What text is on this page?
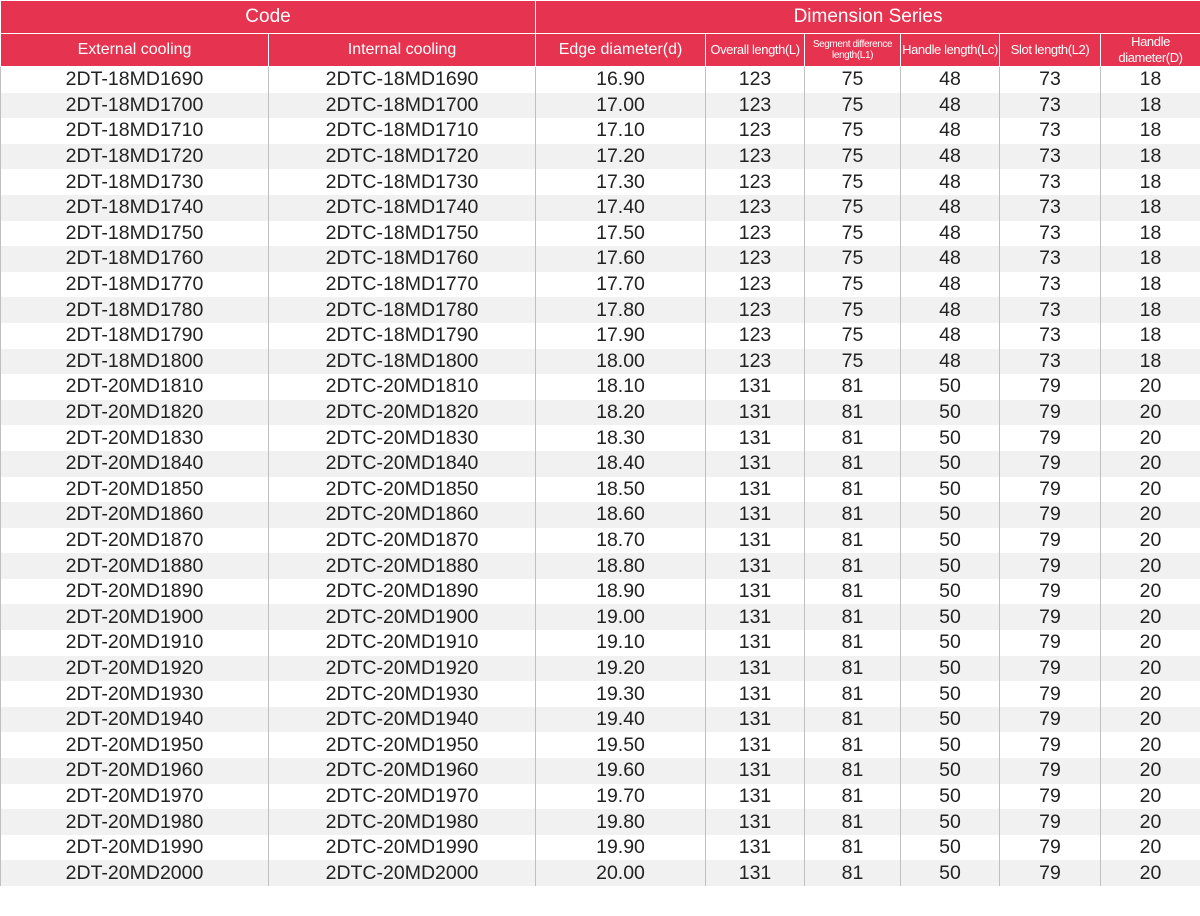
Code		Dimension Series					
External cooling	Internal cooling	Edge diameter(d)	Overall length(L)	Segment difference length(L1)	Handle length(Lc)	Slot length(L2)	Handle diameter(D)
2DT-18MD1690	2DTC-18MD1690	16.90	123	75	48	73	18
2DT-18MD1700	2DTC-18MD1700	17.00	123	75	48	73	18
2DT-18MD1710	2DTC-18MD1710	17.10	123	75	48	73	18
2DT-18MD1720	2DTC-18MD1720	17.20	123	75	48	73	18
2DT-18MD1730	2DTC-18MD1730	17.30	123	75	48	73	18
2DT-18MD1740	2DTC-18MD1740	17.40	123	75	48	73	18
2DT-18MD1750	2DTC-18MD1750	17.50	123	75	48	73	18
2DT-18MD1760	2DTC-18MD1760	17.60	123	75	48	73	18
2DT-18MD1770	2DTC-18MD1770	17.70	123	75	48	73	18
2DT-18MD1780	2DTC-18MD1780	17.80	123	75	48	73	18
2DT-18MD1790	2DTC-18MD1790	17.90	123	75	48	73	18
2DT-18MD1800	2DTC-18MD1800	18.00	123	75	48	73	18
2DT-20MD1810	2DTC-20MD1810	18.10	131	81	50	79	20
2DT-20MD1820	2DTC-20MD1820	18.20	131	81	50	79	20
2DT-20MD1830	2DTC-20MD1830	18.30	131	81	50	79	20
2DT-20MD1840	2DTC-20MD1840	18.40	131	81	50	79	20
2DT-20MD1850	2DTC-20MD1850	18.50	131	81	50	79	20
2DT-20MD1860	2DTC-20MD1860	18.60	131	81	50	79	20
2DT-20MD1870	2DTC-20MD1870	18.70	131	81	50	79	20
2DT-20MD1880	2DTC-20MD1880	18.80	131	81	50	79	20
2DT-20MD1890	2DTC-20MD1890	18.90	131	81	50	79	20
2DT-20MD1900	2DTC-20MD1900	19.00	131	81	50	79	20
2DT-20MD1910	2DTC-20MD1910	19.10	131	81	50	79	20
2DT-20MD1920	2DTC-20MD1920	19.20	131	81	50	79	20
2DT-20MD1930	2DTC-20MD1930	19.30	131	81	50	79	20
2DT-20MD1940	2DTC-20MD1940	19.40	131	81	50	79	20
2DT-20MD1950	2DTC-20MD1950	19.50	131	81	50	79	20
2DT-20MD1960	2DTC-20MD1960	19.60	131	81	50	79	20
2DT-20MD1970	2DTC-20MD1970	19.70	131	81	50	79	20
2DT-20MD1980	2DTC-20MD1980	19.80	131	81	50	79	20
2DT-20MD1990	2DTC-20MD1990	19.90	131	81	50	79	20
2DT-20MD2000	2DTC-20MD2000	20.00	131	81	50	79	20
